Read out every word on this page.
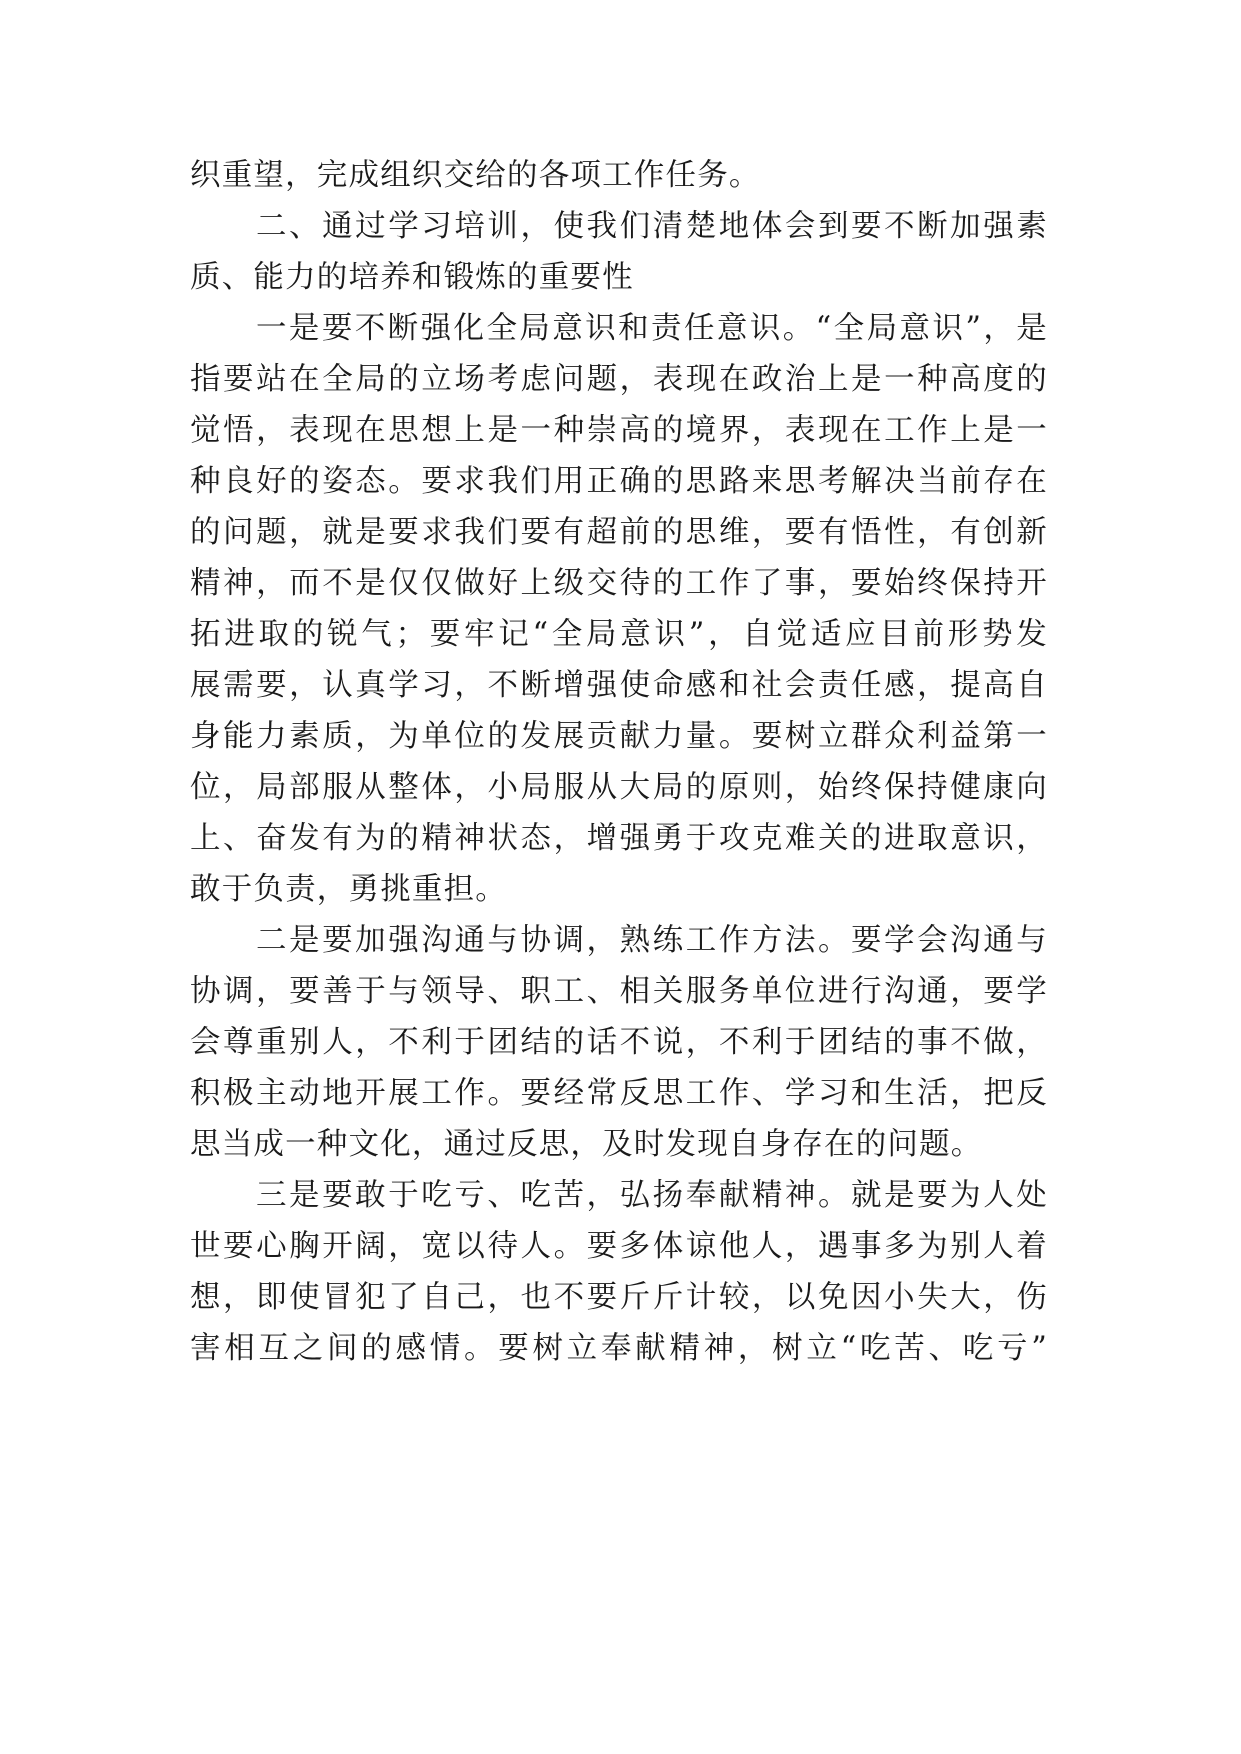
织重望，完成组织交给的各项工作任务。
二、通过学习培训，使我们清楚地体会到要不断加强素
质、能力的培养和锻炼的重要性
一是要不断强化全局意识和责任意识。“全局意识”，是
指要站在全局的立场考虑问题，表现在政治上是一种高度的
觉悟，表现在思想上是一种崇高的境界，表现在工作上是一
种良好的姿态。要求我们用正确的思路来思考解决当前存在
的问题，就是要求我们要有超前的思维，要有悟性，有创新
精神，而不是仅仅做好上级交待的工作了事，要始终保持开
拓进取的锐气；要牢记“全局意识”，自觉适应目前形势发
展需要，认真学习，不断增强使命感和社会责任感，提高自
身能力素质，为单位的发展贡献力量。要树立群众利益第一
位，局部服从整体，小局服从大局的原则，始终保持健康向
上、奋发有为的精神状态，增强勇于攻克难关的进取意识，
敢于负责，勇挑重担。
二是要加强沟通与协调，熟练工作方法。要学会沟通与
协调，要善于与领导、职工、相关服务单位进行沟通，要学
会尊重别人，不利于团结的话不说，不利于团结的事不做，
积极主动地开展工作。要经常反思工作、学习和生活，把反
思当成一种文化，通过反思，及时发现自身存在的问题。
三是要敢于吃亏、吃苦，弘扬奉献精神。就是要为人处
世要心胸开阔，宽以待人。要多体谅他人，遇事多为别人着
想，即使冒犯了自己，也不要斤斤计较，以免因小失大，伤
害相互之间的感情。要树立奉献精神，树立“吃苦、吃亏”
